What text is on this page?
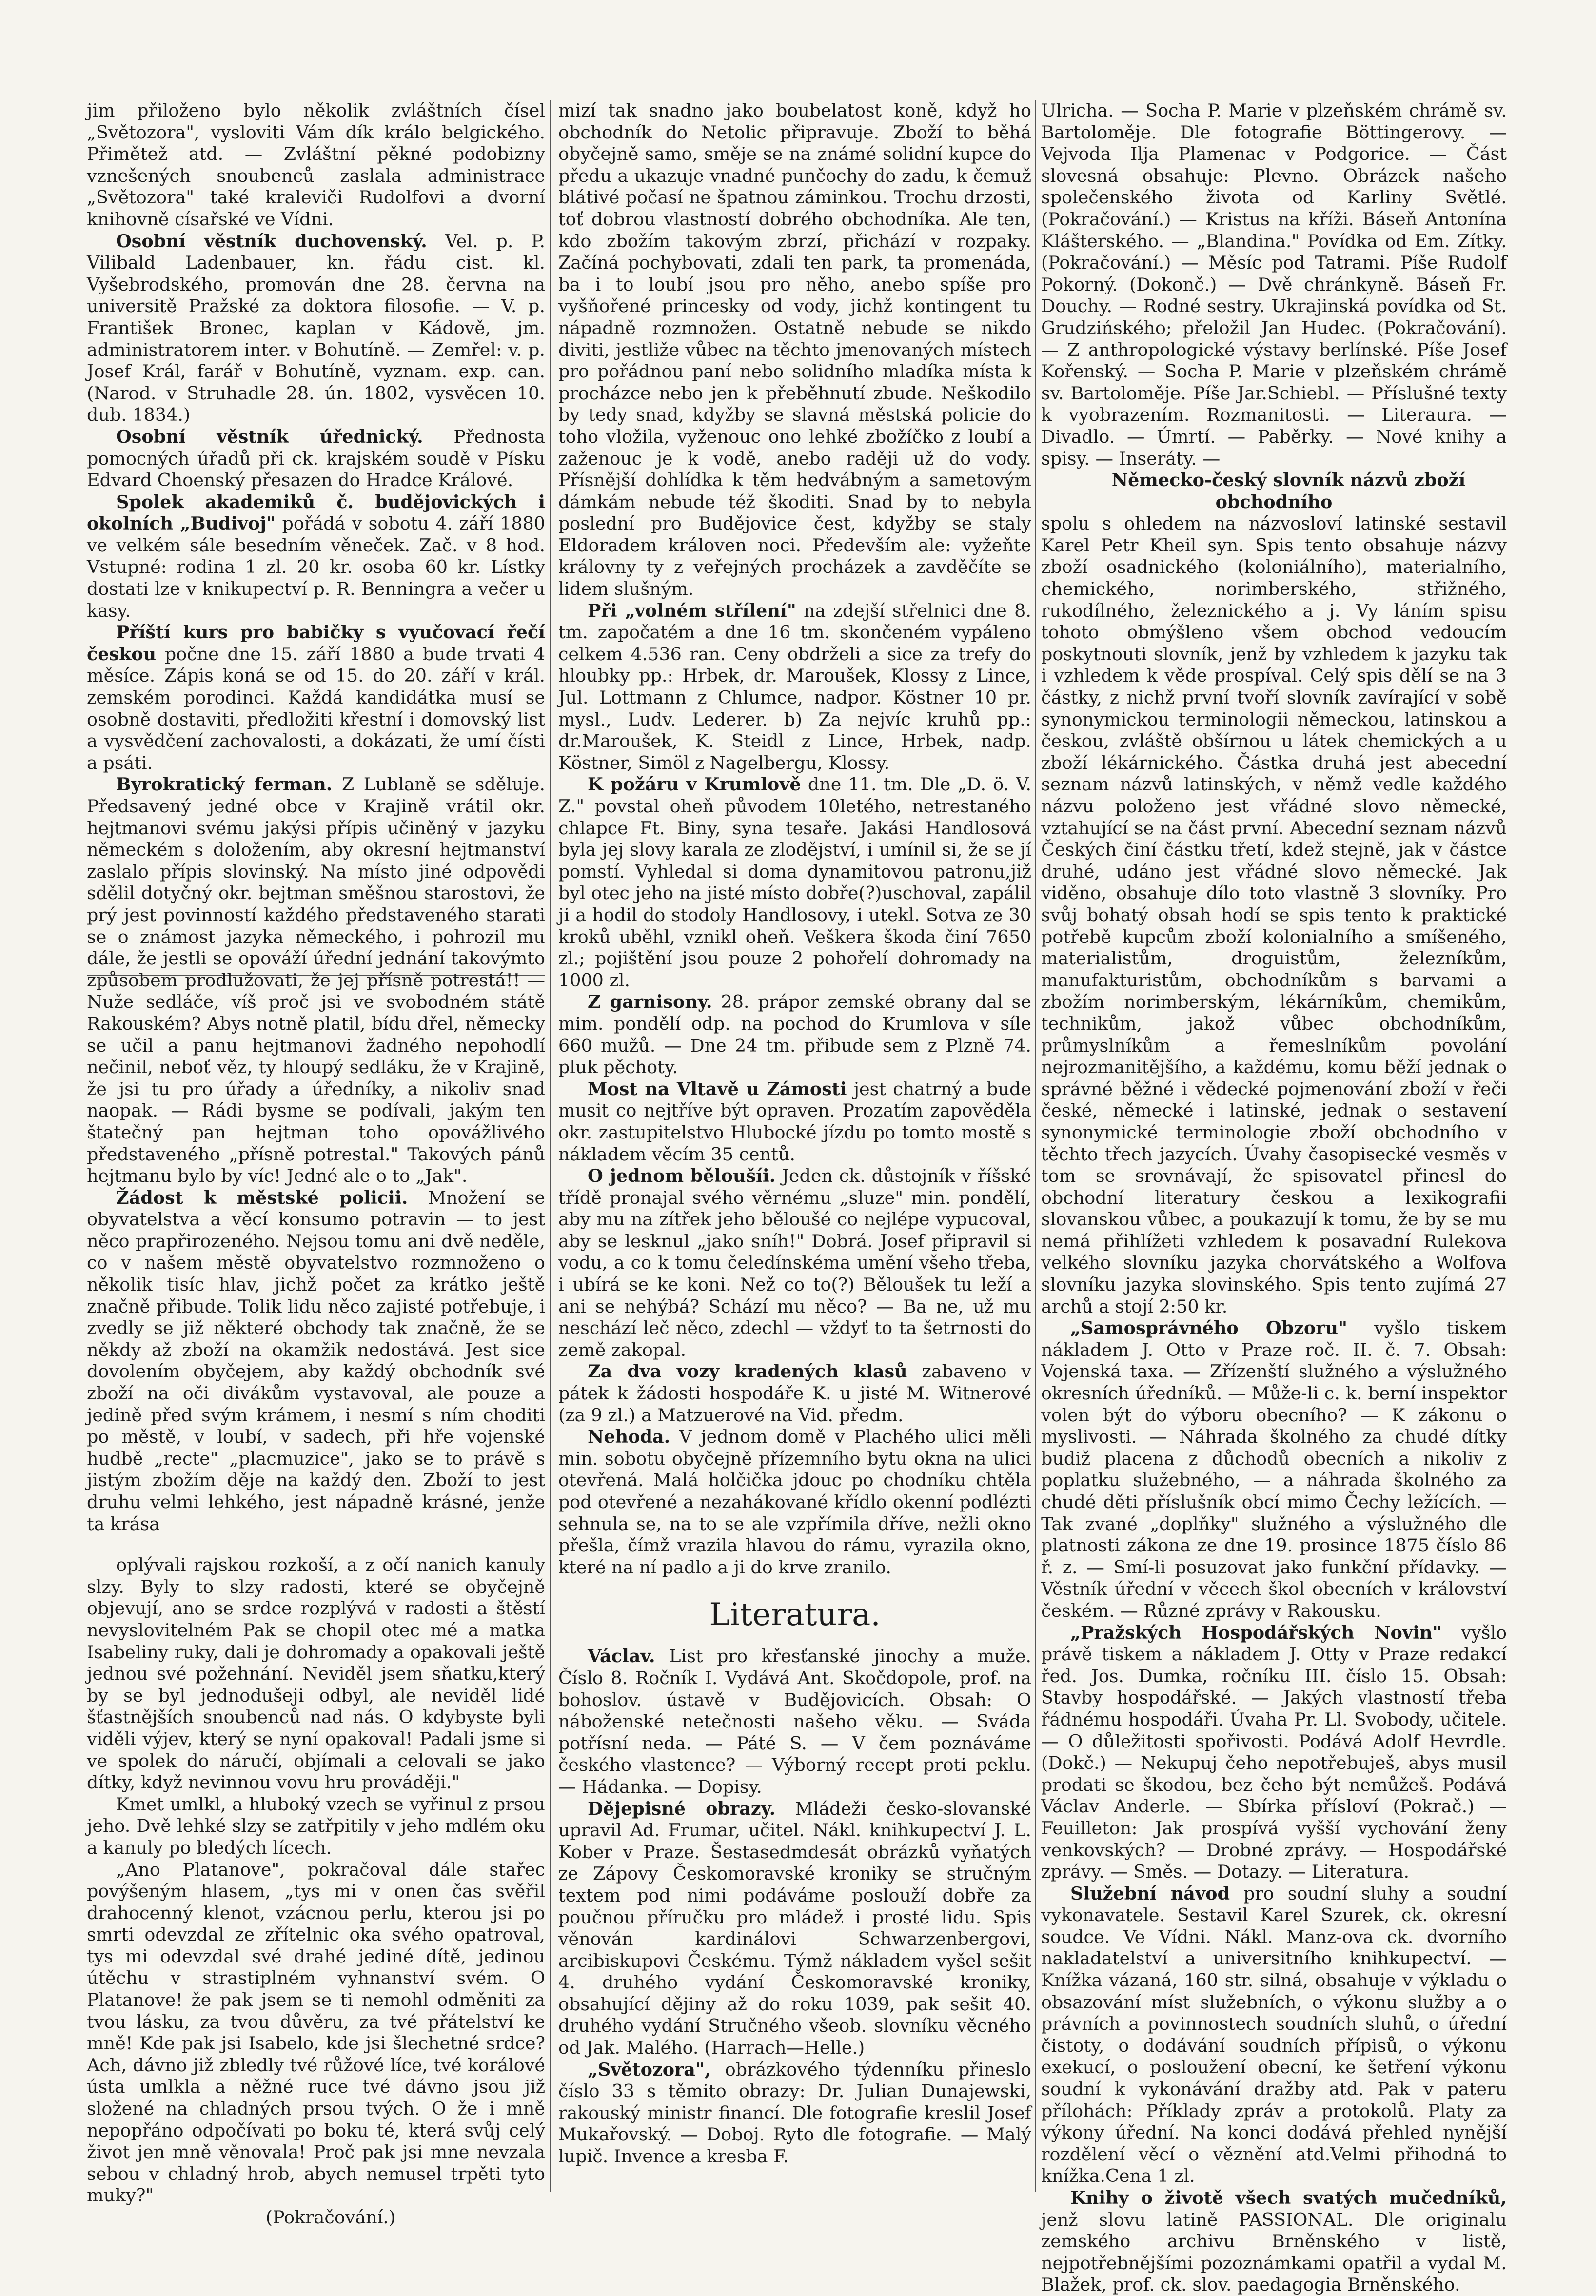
jim přiloženo bylo několik zvláštních čísel „Světozora", vysloviti Vám dík králo belgického. Přimětež atd. — Zvláštní pěkné podobizny vznešených snoubenců zaslala administrace „Světozora" také kraleviči Rudolfovi a dvorní knihovně císařské ve Vídni.

Osobní věstník duchovenský. Vel. p. P. Vilibald Ladenbauer, kn. řádu cist. kl. Vyšebrodského, promován dne 28. června na universitě Pražské za doktora filosofie. — V. p. František Bronec, kaplan v Kádově, jm. administratorem inter. v Bohutíně. — Zemřel: v. p. Josef Král, farář v Bohutíně, vyznam. exp. can. (Narod. v Struhadle 28. ún. 1802, vysvěcen 10. dub. 1834.)

Osobní věstník úřednický. Přednosta pomocných úřadů při ck. krajském soudě v Písku Edvard Choenský přesazen do Hradce Králové.

Spolek akademiků č. budějovických i okolních „Budivoj" pořádá v sobotu 4. září 1880 ve velkém sále besedním věneček. Zač. v 8 hod. Vstupné: rodina 1 zl. 20 kr. osoba 60 kr. Lístky dostati lze v knikupectví p. R. Benningra a večer u kasy.

Příští kurs pro babičky s vyučovací řečí českou počne dne 15. září 1880 a bude trvati 4 měsíce. Zápis koná se od 15. do 20. září v král. zemském porodinci. Každá kandidátka musí se osobně dostaviti, předložiti křestní i domovský list a vysvědčení zachovalosti, a dokázati, že umí čísti a psáti.

Byrokratický ferman. Z Lublaně se sděluje. Předsavený jedné obce v Krajině vrátil okr. hejtmanovi svému jakýsi přípis učiněný v jazyku německém s doložením, aby okresní hejtmanství zaslalo přípis slovinský. Na místo jiné odpovědi sdělil dotyčný okr. bejtman směšnou starostovi, že prý jest povinností každého představeného starati se o známost jazyka německého, i pohrozil mu dále, že jestli se opováží úřední jednání takovýmto způsobem prodlužovati, že jej přísně potrestá!! — Nuže sedláče, víš proč jsi ve svobodném státě Rakouském? Abys notně platil, bídu dřel, německy se učil a panu hejtmanovi žadného nepohodlí nečinil, neboť věz, ty hloupý sedláku, že v Krajině, že jsi tu pro úřady a úředníky, a nikoliv snad naopak. — Rádi bysme se podívali, jakým ten štatečný pan hejtman toho opovážlivého představeného „přísně potrestal." Takových pánů hejtmanu bylo by víc! Jedné ale o to „Jak".

Žádost k městské policii. Množení se obyvatelstva a věcí konsumo potravin — to jest něco prapřirozeného. Nejsou tomu ani dvě neděle, co v našem městě obyvatelstvo rozmnoženo o několik tisíc hlav, jichž počet za krátko ještě značně přibude. Tolik lidu něco zajisté potřebuje, i zvedly se již některé obchody tak značně, že se někdy až zboží na okamžik nedostává. Jest sice dovolením obyčejem, aby každý obchodník své zboží na oči divákům vystavoval, ale pouze a jedině před svým krámem, i nesmí s ním choditi po městě, v loubí, v sadech, při hře vojenské hudbě „recte" „placmuzice", jako se to právě s jistým zbožím děje na každý den. Zboží to jest druhu velmi lehkého, jest nápadně krásné, jenže ta krása

oplývali rajskou rozkoší, a z očí nanich kanuly slzy. Byly to slzy radosti, které se obyčejně objevují, ano se srdce rozplývá v radosti a štěstí nevyslovitelném Pak se chopil otec mé a matka Isabeliny ruky, dali je dohromady a opakovali ještě jednou své požehnání. Neviděl jsem sňatku,který by se byl jednodušeji odbyl, ale neviděl lidé šťastnějších snoubenců nad nás. O kdybyste byli viděli výjev, který se nyní opakoval! Padali jsme si ve spolek do náručí, objímali a celovali se jako dítky, když nevinnou vovu hru prováději."

Kmet umlkl, a hluboký vzech se vyřinul z prsou jeho. Dvě lehké slzy se zatřpitily v jeho mdlém oku a kanuly po bledých lícech.

„Ano Platanove", pokračoval dále stařec povýšeným hlasem, „tys mi v onen čas svěřil drahocenný klenot, vzácnou perlu, kterou jsi po smrti odevzdal ze zřítelnic oka svého opatroval, tys mi odevzdal své drahé jediné dítě, jedinou útěchu v strastiplném vyhnanství svém. O Platanove! že pak jsem se ti nemohl odměniti za tvou lásku, za tvou důvěru, za tvé přátelství ke mně! Kde pak jsi Isabelo, kde jsi šlechetné srdce? Ach, dávno již zbledly tvé růžové líce, tvé korálové ústa umlkla a něžné ruce tvé dávno jsou již složené na chladných prsou tvých. O že i mně nepopřáno odpočívati po boku té, která svůj celý život jen mně věnovala! Proč pak jsi mne nevzala sebou v chladný hrob, abych nemusel trpěti tyto muky?"

(Pokračování.)

mizí tak snadno jako boubelatost koně, když ho obchodník do Netolic připravuje. Zboží to běhá obyčejně samo, směje se na známé solidní kupce do předu a ukazuje vnadné punčochy do zadu, k čemuž blátivé počasí ne špatnou záminkou. Trochu drzosti, toť dobrou vlastností dobrého obchodníka. Ale ten, kdo zbožím takovým zbrzí, přichází v rozpaky. Začíná pochybovati, zdali ten park, ta promenáda, ba i to loubí jsou pro něho, anebo spíše pro vyšňořené princesky od vody, jichž kontingent tu nápadně rozmnožen. Ostatně nebude se nikdo diviti, jestliže vůbec na těchto jmenovaných místech pro pořádnou paní nebo solidního mladíka místa k procházce nebo jen k přeběhnutí zbude. Neškodilo by tedy snad, kdyžby se slavná městská policie do toho vložila, vyženouc ono lehké zbožíčko z loubí a zaženouc je k vodě, anebo raději už do vody. Přísnější dohlídka k těm hedvábným a sametovým dámkám nebude též škoditi. Snad by to nebyla poslední pro Budějovice čest, kdyžby se staly Eldoradem královen noci. Především ale: vyžeňte královny ty z veřejných procházek a zavděčíte se lidem slušným.

Při „volném střílení" na zdejší střelnici dne 8. tm. započatém a dne 16 tm. skončeném vypáleno celkem 4.536 ran. Ceny obdrželi a sice za trefy do hloubky pp.: Hrbek, dr. Maroušek, Klossy z Lince, Jul. Lottmann z Chlumce, nadpor. Köstner 10 pr. mysl., Ludv. Lederer. b) Za nejvíc kruhů pp.: dr.Maroušek, K. Steidl z Lince, Hrbek, nadp. Köstner, Simöl z Nagelbergu, Klossy.

K požáru v Krumlově dne 11. tm. Dle „D. ö. V. Z." povstal oheň původem 10letého, netrestaného chlapce Ft. Biny, syna tesaře. Jakási Handlosová byla jej slovy karala ze zlodějství, i umínil si, že se jí pomstí. Vyhledal si doma dynamitovou patronu,již byl otec jeho na jisté místo dobře(?)uschoval, zapálil ji a hodil do stodoly Handlosovy, i utekl. Sotva ze 30 kroků uběhl, vznikl oheň. Veškera škoda činí 7650 zl.; pojištění jsou pouze 2 pohořelí dohromady na 1000 zl.

Z garnisony. 28. prápor zemské obrany dal se mim. pondělí odp. na pochod do Krumlova v síle 660 mužů. — Dne 24 tm. přibude sem z Plzně 74. pluk pěchoty.

Most na Vltavě u Zámosti jest chatrný a bude musit co nejtříve být opraven. Prozatím zapověděla okr. zastupitelstvo Hlubocké jízdu po tomto mostě s nákladem věcím 35 centů.

O jednom běloušíi. Jeden ck. důstojník v říšské třídě pronajal svého věrnému „sluze" min. pondělí, aby mu na zítřek jeho běloušé co nejlépe vypucoval, aby se lesknul „jako sníh!" Dobrá. Josef připravil si vodu, a co k tomu čeledínskéma umění všeho třeba, i ubírá se ke koni. Než co to(?) Běloušek tu leží a ani se nehýbá? Schází mu něco? — Ba ne, už mu neschází leč něco, zdechl — vždyť to ta šetrnosti do země zakopal.

Za dva vozy kradených klasů zabaveno v pátek k žádosti hospodáře K. u jisté M. Witnerové (za 9 zl.) a Matzuerové na Vid. předm.

Nehoda. V jednom domě v Plachého ulici měli min. sobotu obyčejně přízemního bytu okna na ulici otevřená. Malá holčička jdouc po chodníku chtěla pod otevřené a nezahákované křídlo okenní podlézti sehnula se, na to se ale vzpřímila dříve, nežli okno přešla, čímž vrazila hlavou do rámu, vyrazila okno, které na ní padlo a ji do krve zranilo.

Literatura.

Václav. List pro křesťanské jinochy a muže. Číslo 8. Ročník I. Vydává Ant. Skočdopole, prof. na bohoslov. ústavě v Budějovicích. Obsah: O náboženské netečnosti našeho věku. — Sváda potřísní neda. — Páté S. — V čem poznáváme českého vlastence? — Výborný recept proti peklu. — Hádanka. — Dopisy.

Dějepisné obrazy. Mládeži česko-slovanské upravil Ad. Frumar, učitel. Nákl. knihkupectví J. L. Kober v Praze. Šestasedmdesát obrázků vyňatých ze Zápovy Českomoravské kroniky se stručným textem pod nimi podáváme poslouží dobře za poučnou příručku pro mládež i prosté lidu. Spis věnován kardinálovi Schwarzenbergovi, arcibiskupovi Českému. Týmž nákladem vyšel sešit 4. druhého vydání Českomoravské kroniky, obsahující dějiny až do roku 1039, pak sešit 40. druhého vydání Stručného všeob. slovníku věcného od Jak. Malého. (Harrach—Helle.)

„Světozora", obrázkového týdenníku přineslo číslo 33 s těmito obrazy: Dr. Julian Dunajewski, rakouský ministr financí. Dle fotografie kreslil Josef Mukařovský. — Doboj. Ryto dle fotografie. — Malý lupič. Invence a kresba F.

Ulricha. — Socha P. Marie v plzeňském chrámě sv. Bartoloměje. Dle fotografie Böttingerovy. — Vejvoda Ilja Plamenac v Podgorice. — Část slovesná obsahuje: Plevno. Obrázek našeho společenského života od Karliny Světlé. (Pokračování.) — Kristus na kříži. Báseň Antonína Klášterského. — „Blandina." Povídka od Em. Zítky. (Pokračování.) — Měsíc pod Tatrami. Píše Rudolf Pokorný. (Dokonč.) — Dvě chránkyně. Báseň Fr. Douchy. — Rodné sestry. Ukrajinská povídka od St. Grudzińského; přeložil Jan Hudec. (Pokračování). — Z anthropologické výstavy berlínské. Píše Josef Kořenský. — Socha P. Marie v plzeňském chrámě sv. Bartoloměje. Píše Jar.Schiebl. — Příslušné texty k vyobrazením. Rozmanitosti. — Literaura. — Divadlo. — Úmrtí. — Paběrky. — Nové knihy a spisy. — Inseráty. —

Německo-český slovník názvů zboží obchodního

spolu s ohledem na názvosloví latinské sestavil Karel Petr Kheil syn. Spis tento obsahuje názvy zboží osadnického (koloniálního), materialního, chemického, norimberského, střižného, rukodílného, železnického a j. Vy láním spisu tohoto obmýšleno všem obchod vedoucím poskytnouti slovník, jenž by vzhledem k jazyku tak i vzhledem k věde prospíval. Celý spis dělí se na 3 částky, z nichž první tvoří slovník zavírající v sobě synonymickou terminologii německou, latinskou a českou, zvláště obšírnou u látek chemických a u zboží lékárnického. Částka druhá jest abecední seznam názvů latinských, v němž vedle každého názvu položeno jest vřádné slovo německé, vztahující se na část první. Abecední seznam názvů Českých činí částku třetí, kdež stejně, jak v částce druhé, udáno jest vřádné slovo německé. Jak viděno, obsahuje dílo toto vlastně 3 slovníky. Pro svůj bohatý obsah hodí se spis tento k praktické potřebě kupcům zboží kolonialního a smíšeného, materialistům, droguistům, železníkům, manufakturistům, obchodníkům s barvami a zbožím norimberským, lékárníkům, chemikům, technikům, jakož vůbec obchodníkům, průmyslníkům a řemeslníkům povolání nejrozmanitějšího, a každému, komu běží jednak o správné běžné i vědecké pojmenování zboží v řeči české, německé i latinské, jednak o sestavení synonymické terminologie zboží obchodního v těchto třech jazycích. Úvahy časopisecké vesměs v tom se srovnávají, že spisovatel přinesl do obchodní literatury českou a lexikografii slovanskou vůbec, a poukazují k tomu, že by se mu nemá přihlížeti vzhledem k posavadní Rulekova velkého slovníku jazyka chorvátského a Wolfova slovníku jazyka slovinského. Spis tento zujímá 27 archů a stojí 2:50 kr.

„Samosprávného Obzoru" vyšlo tiskem nákladem J. Otto v Praze roč. II. č. 7. Obsah: Vojenská taxa. — Zřízenští služného a výslužného okresních úředníků. — Může-li c. k. berní inspektor volen být do výboru obecního? — K zákonu o myslivosti. — Náhrada školného za chudé dítky budiž placena z důchodů obecních a nikoliv z poplatku služebného, — a náhrada školného za chudé děti příslušník obcí mimo Čechy ležících. — Tak zvané „doplňky" služného a výslužného dle platnosti zákona ze dne 19. prosince 1875 číslo 86 ř. z. — Smí-li posuzovat jako funkční přídavky. — Věstník úřední v věcech škol obecních v království českém. — Různé zprávy v Rakousku.

„Pražských Hospodářských Novin" vyšlo právě tiskem a nákladem J. Otty v Praze redakcí řed. Jos. Dumka, ročníku III. číslo 15. Obsah: Stavby hospodářské. — Jakých vlastností třeba řádnému hospodáři. Úvaha Pr. Ll. Svobody, učitele. — O důležitosti spořivosti. Podává Adolf Hevrdle. (Dokč.) — Nekupuj čeho nepotřebuješ, abys musil prodati se škodou, bez čeho být nemůžeš. Podává Václav Anderle. — Sbírka přísloví (Pokrač.) — Feuilleton: Jak prospívá vyšší vychování ženy venkovských? — Drobné zprávy. — Hospodářské zprávy. — Směs. — Dotazy. — Literatura.

Služební návod pro soudní sluhy a soudní vykonavatele. Sestavil Karel Szurek, ck. okresní soudce. Ve Vídni. Nákl. Manz-ova ck. dvorního nakladatelství a universitního knihkupectví. — Knížka vázaná, 160 str. silná, obsahuje v výkladu o obsazování míst služebních, o výkonu služby a o právních a povinnostech soudních sluhů, o úřední čistoty, o dodávání soudních přípisů, o výkonu exekucí, o posloužení obecní, ke šetření výkonu soudní k vykonávání dražby atd. Pak v pateru přílohách: Příklady zpráv a protokolů. Platy za výkony úřední. Na konci dodává přehled nynější rozdělení věcí o věznění atd.Velmi přihodná to knížka.Cena 1 zl.

Knihy o životě všech svatých mučedníků, jenž slovu latině PASSIONAL. Dle originalu zemského archivu Brněnského v listě, nejpotřebnějšími pozoznámkami opatřil a vydal M. Blažek, prof. ck. slov. paedagogia Brněnského.
